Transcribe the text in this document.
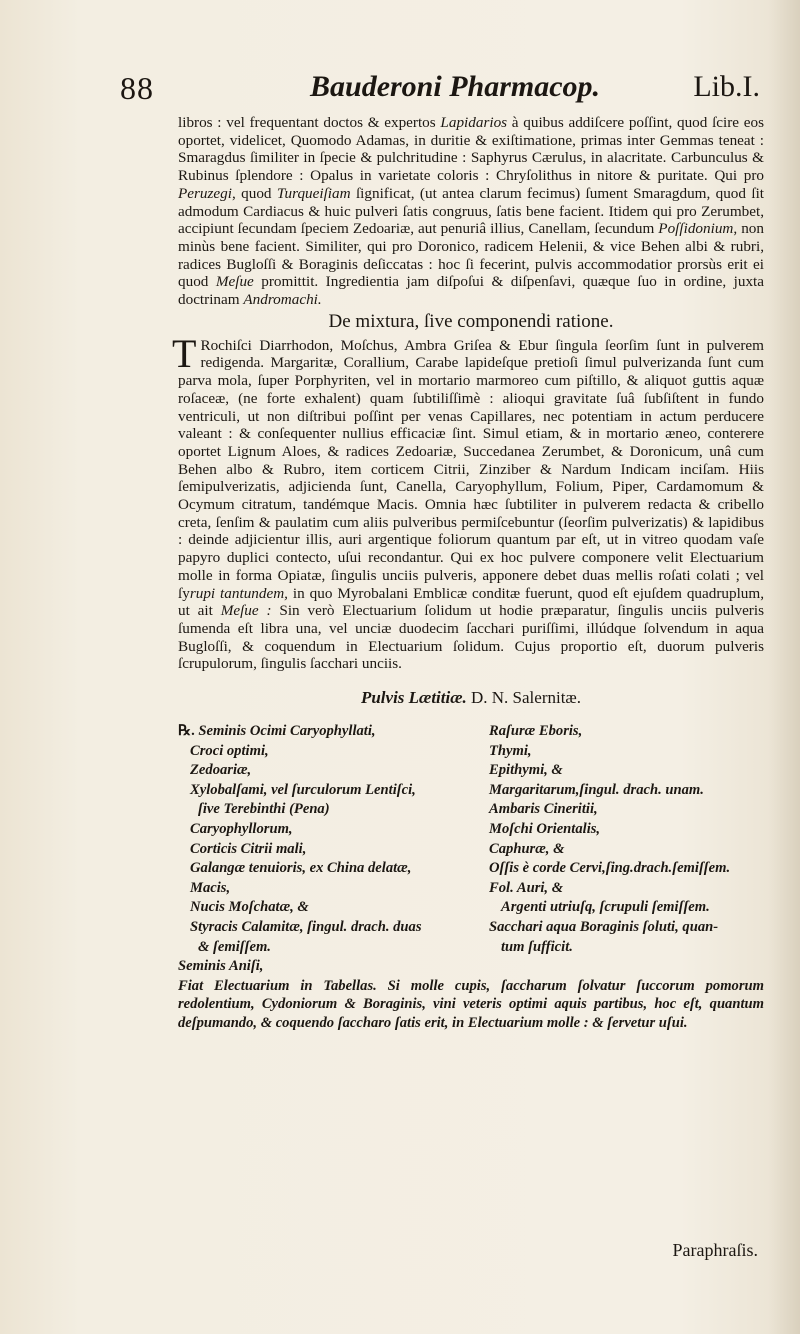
88	Bauderoni Pharmacop.	Lib.I.

libros : vel frequentant doctos & expertos Lapidarios à quibus addiſcere poſſint, quod ſcire eos oportet, videlicet, Quomodo Adamas, in duritie & exiſtimatione, primas inter Gemmas teneat : Smaragdus ſimiliter in ſpecie & pulchritudine : Saphyrus Cærulus, in alacritate. Carbunculus & Rubinus ſplendore : Opalus in varietate coloris : Chryſolithus in nitore & puritate. Qui pro Peruzegi, quod Turqueiſiam ſignificat, (ut antea clarum fecimus) ſument Smaragdum, quod ſit admodum Cardiacus & huic pulveri ſatis congruus, ſatis bene facient. Itidem qui pro Zerumbet, accipiunt ſecundam ſpeciem Zedoariæ, aut penuriâ illius, Canellam, ſecundum Poſſidonium, non minùs bene facient. Similiter, qui pro Doronico, radicem Helenii, & vice Behen albi & rubri, radices Bugloſſi & Boraginis deſiccatas : hoc ſi fecerint, pulvis accommodatior prorsùs erit ei quod Meſue promittit. Ingredientia jam diſpoſui & diſpenſavi, quæque ſuo in ordine, juxta doctrinam Andromachi.

De mixtura, ſive componendi ratione.

T Rochiſci Diarrhodon, Moſchus, Ambra Griſea & Ebur ſingula ſeorſim ſunt in pulverem redigenda. Margaritæ, Corallium, Carabe lapideſque pretioſi ſimul pulverizanda ſunt cum parva mola, ſuper Porphyriten, vel in mortario marmoreo cum piſtillo, & aliquot guttis aquæ roſaceæ, (ne forte exhalent) quam ſubtiliſſimè : alioqui gravitate ſuâ ſubſiſtent in fundo ventriculi, ut non diſtribui poſſint per venas Capillares, nec potentiam in actum perducere valeant : & conſequenter nullius efficaciæ ſint. Simul etiam, & in mortario æneo, conterere oportet Lignum Aloes, & radices Zedoariæ, Succedanea Zerumbet, & Doronicum, unâ cum Behen albo & Rubro, item corticem Citrii, Zinziber & Nardum Indicam inciſam. Hiis ſemipulverizatis, adjicienda ſunt, Canella, Caryophyllum, Folium, Piper, Cardamomum & Ocymum citratum, tandémque Macis. Omnia hæc ſubtiliter in pulverem redacta & cribello creta, ſenſim & paulatim cum aliis pulveribus permiſcebuntur (ſeorſim pulverizatis) & lapidibus : deinde adjicientur illis, auri argentique foliorum quantum par eſt, ut in vitreo quodam vaſe papyro duplici contecto, uſui recondantur. Qui ex hoc pulvere componere velit Electuarium molle in forma Opiatæ, ſingulis unciis pulveris, apponere debet duas mellis roſati colati ; vel ſyrupi tantundem, in quo Myrobalani Emblicæ conditæ fuerunt, quod eſt ejuſdem quadruplum, ut ait Meſue : Sin verò Electuarium ſolidum ut hodie præparatur, ſingulis unciis pulveris ſumenda eſt libra una, vel unciæ duodecim ſacchari puriſſimi, illúdque ſolvendum in aqua Bugloſſi, & coquendum in Electuarium ſolidum. Cujus proportio eſt, duorum pulveris ſcrupulorum, ſingulis ſacchari unciis.

Pulvis Lætitiæ. D. N. Salernitæ.
℞. Seminis Ocimi Caryophyllati,
Croci optimi,
Zedoariæ,
Xylobalſami, vel ſurculorum Lentiſci,
ſive Terebinthi (Pena)
Caryophyllorum,
Corticis Citrii mali,
Galangæ tenuioris, ex China delatæ,
Macis,
Nucis Moſchatæ, &
Styracis Calamitæ, ſingul. drach. duas
& ſemiſſem.
Seminis Aniſi,
Raſuræ Eboris,
Thymi,
Epithymi, &
Margaritarum,ſingul. drach. unam.
Ambaris Cineritii,
Moſchi Orientalis,
Caphuræ, &
Oſſis è corde Cervi,ſing.drach.ſemiſſem.
Fol. Auri, &
Argenti utriuſq, ſcrupuli ſemiſſem.
Sacchari aqua Boraginis ſoluti, quan-
tum ſufficit.

Fiat Electuarium in Tabellas. Si molle cupis, ſaccharum ſolvatur ſuccorum pomorum redolentium, Cydoniorum & Boraginis, vini veteris optimi aquis partibus, hoc eſt, quantum deſpumando, & coquendo ſaccharo ſatis erit, in Electuarium molle : & ſervetur uſui.

Paraphraſis.
